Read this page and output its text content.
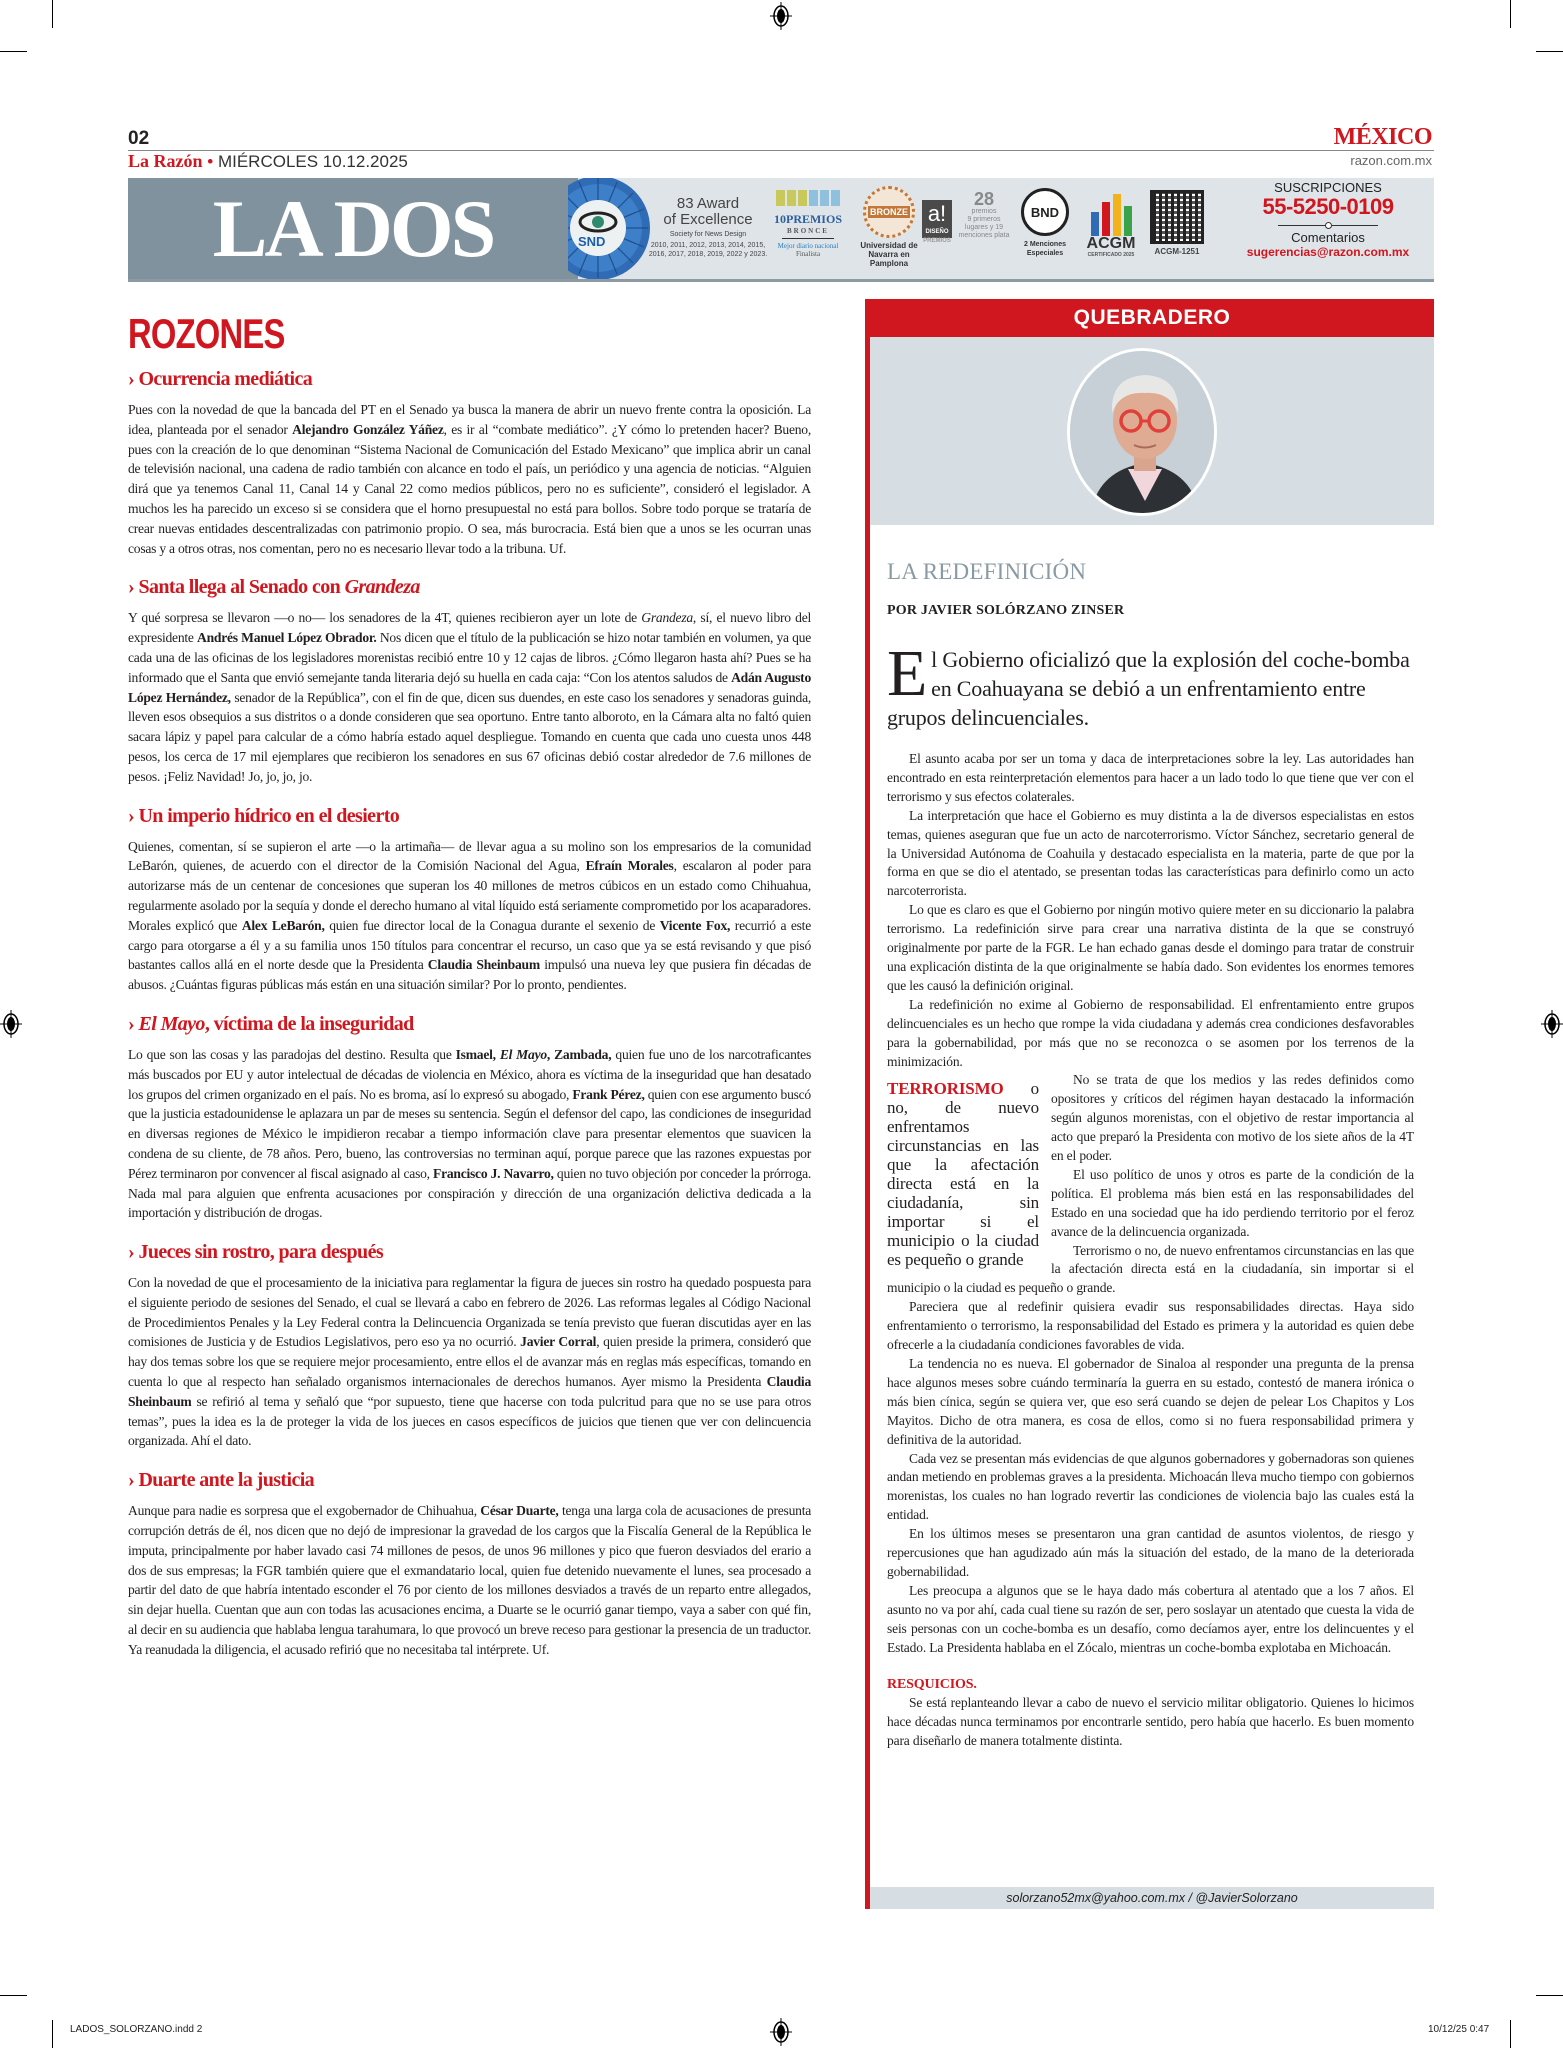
LADOS_SOLORZANO.indd 2	10/12/25 0:47
02
La Razón • MIÉRCOLES 10.12.2025
MÉXICO
razon.com.mx
LA DOS	SND
83 Award
of Excellence
Society for News Design
2010, 2011, 2012, 2013, 2014, 2015, 2016, 2017, 2018, 2019, 2022 y 2023.
10PREMIOS
BRONCE
Mejor diario nacional
Finalista
BRONZE
Universidad de Navarra en Pamplona
a!
DISEÑO
PREMIOS
28
premios
9 primeros lugares y 19 menciones plata
BND
2 Menciones Especiales
ACGM
CERTIFICADO 2025	ACGM-1251
SUSCRIPCIONES
55-5250-0109
Comentarios
sugerencias@razon.com.mx
ROZONES
› Ocurrencia mediática

Pues con la novedad de que la bancada del PT en el Senado ya busca la manera de abrir un nuevo frente contra la oposición. La idea, planteada por el senador Alejandro González Yáñez, es ir al “combate mediático”. ¿Y cómo lo pretenden hacer? Bueno, pues con la creación de lo que denominan “Sistema Nacional de Comunicación del Estado Mexicano” que implica abrir un canal de televisión nacional, una cadena de radio también con alcance en todo el país, un periódico y una agencia de noticias. “Alguien dirá que ya tenemos Canal 11, Canal 14 y Canal 22 como medios públicos, pero no es suficiente”, consideró el legislador. A muchos les ha parecido un exceso si se considera que el horno presupuestal no está para bollos. Sobre todo porque se trataría de crear nuevas entidades descentralizadas con patrimonio propio. O sea, más burocracia. Está bien que a unos se les ocurran unas cosas y a otros otras, nos comentan, pero no es necesario llevar todo a la tribuna. Uf.

› Santa llega al Senado con Grandeza

Y qué sorpresa se llevaron —o no— los senadores de la 4T, quienes recibieron ayer un lote de Grandeza, sí, el nuevo libro del expresidente Andrés Manuel López Obrador. Nos dicen que el título de la publicación se hizo notar también en volumen, ya que cada una de las oficinas de los legisladores morenistas recibió entre 10 y 12 cajas de libros. ¿Cómo llegaron hasta ahí? Pues se ha informado que el Santa que envió semejante tanda literaria dejó su huella en cada caja: “Con los atentos saludos de Adán Augusto López Hernández, senador de la República”, con el fin de que, dicen sus duendes, en este caso los senadores y senadoras guinda, lleven esos obsequios a sus distritos o a donde consideren que sea oportuno. Entre tanto alboroto, en la Cámara alta no faltó quien sacara lápiz y papel para calcular de a cómo habría estado aquel despliegue. Tomando en cuenta que cada uno cuesta unos 448 pesos, los cerca de 17 mil ejemplares que recibieron los senadores en sus 67 oficinas debió costar alrededor de 7.6 millones de pesos. ¡Feliz Navidad! Jo, jo, jo, jo.

› Un imperio hídrico en el desierto

Quienes, comentan, sí se supieron el arte —o la artimaña— de llevar agua a su molino son los empresarios de la comunidad LeBarón, quienes, de acuerdo con el director de la Comisión Nacional del Agua, Efraín Morales, escalaron al poder para autorizarse más de un centenar de concesiones que superan los 40 millones de metros cúbicos en un estado como Chihuahua, regularmente asolado por la sequía y donde el derecho humano al vital líquido está seriamente comprometido por los acaparadores. Morales explicó que Alex LeBarón, quien fue director local de la Conagua durante el sexenio de Vicente Fox, recurrió a este cargo para otorgarse a él y a su familia unos 150 títulos para concentrar el recurso, un caso que ya se está revisando y que pisó bastantes callos allá en el norte desde que la Presidenta Claudia Sheinbaum impulsó una nueva ley que pusiera fin décadas de abusos. ¿Cuántas figuras públicas más están en una situación similar? Por lo pronto, pendientes.

› El Mayo, víctima de la inseguridad

Lo que son las cosas y las paradojas del destino. Resulta que Ismael, El Mayo, Zambada, quien fue uno de los narcotraficantes más buscados por EU y autor intelectual de décadas de violencia en México, ahora es víctima de la inseguridad que han desatado los grupos del crimen organizado en el país. No es broma, así lo expresó su abogado, Frank Pérez, quien con ese argumento buscó que la justicia estadounidense le aplazara un par de meses su sentencia. Según el defensor del capo, las condiciones de inseguridad en diversas regiones de México le impidieron recabar a tiempo información clave para presentar elementos que suavicen la condena de su cliente, de 78 años. Pero, bueno, las controversias no terminan aquí, porque parece que las razones expuestas por Pérez terminaron por convencer al fiscal asignado al caso, Francisco J. Navarro, quien no tuvo objeción por conceder la prórroga. Nada mal para alguien que enfrenta acusaciones por conspiración y dirección de una organización delictiva dedicada a la importación y distribución de drogas.

› Jueces sin rostro, para después

Con la novedad de que el procesamiento de la iniciativa para reglamentar la figura de jueces sin rostro ha quedado pospuesta para el siguiente periodo de sesiones del Senado, el cual se llevará a cabo en febrero de 2026. Las reformas legales al Código Nacional de Procedimientos Penales y la Ley Federal contra la Delincuencia Organizada se tenía previsto que fueran discutidas ayer en las comisiones de Justicia y de Estudios Legislativos, pero eso ya no ocurrió. Javier Corral, quien preside la primera, consideró que hay dos temas sobre los que se requiere mejor procesamiento, entre ellos el de avanzar más en reglas más específicas, tomando en cuenta lo que al respecto han señalado organismos internacionales de derechos humanos. Ayer mismo la Presidenta Claudia Sheinbaum se refirió al tema y señaló que “por supuesto, tiene que hacerse con toda pulcritud para que no se use para otros temas”, pues la idea es la de proteger la vida de los jueces en casos específicos de juicios que tienen que ver con delincuencia organizada. Ahí el dato.

› Duarte ante la justicia

Aunque para nadie es sorpresa que el exgobernador de Chihuahua, César Duarte, tenga una larga cola de acusaciones de presunta corrupción detrás de él, nos dicen que no dejó de impresionar la gravedad de los cargos que la Fiscalía General de la República le imputa, principalmente por haber lavado casi 74 millones de pesos, de unos 96 millones y pico que fueron desviados del erario a dos de sus empresas; la FGR también quiere que el exmandatario local, quien fue detenido nuevamente el lunes, sea procesado a partir del dato de que habría intentado esconder el 76 por ciento de los millones desviados a través de un reparto entre allegados, sin dejar huella. Cuentan que aun con todas las acusaciones encima, a Duarte se le ocurrió ganar tiempo, vaya a saber con qué fin, al decir en su audiencia que hablaba lengua tarahumara, lo que provocó un breve receso para gestionar la presencia de un traductor. Ya reanudada la diligencia, el acusado refirió que no necesitaba tal intérprete. Uf.

QUEBRADERO
LA REDEFINICIÓN
POR JAVIER SOLÓRZANO ZINSER
El Gobierno oficializó que la explosión del coche-bomba en Coahuayana se debió a un enfrentamiento entre grupos delincuenciales.

El asunto acaba por ser un toma y daca de interpretaciones sobre la ley. Las autoridades han encontrado en esta reinterpretación elementos para hacer a un lado todo lo que tiene que ver con el terrorismo y sus efectos colaterales.

La interpretación que hace el Gobierno es muy distinta a la de diversos especialistas en estos temas, quienes aseguran que fue un acto de narcoterrorismo. Víctor Sánchez, secretario general de la Universidad Autónoma de Coahuila y destacado especialista en la materia, parte de que por la forma en que se dio el atentado, se presentan todas las características para definirlo como un acto narcoterrorista.

Lo que es claro es que el Gobierno por ningún motivo quiere meter en su diccionario la palabra terrorismo. La redefinición sirve para crear una narrativa distinta de la que se construyó originalmente por parte de la FGR. Le han echado ganas desde el domingo para tratar de construir una explicación distinta de la que originalmente se había dado. Son evidentes los enormes temores que les causó la definición original.

La redefinición no exime al Gobierno de responsabilidad. El enfrentamiento entre grupos delincuenciales es un hecho que rompe la vida ciudadana y además crea condiciones desfavorables para la gobernabilidad, por más que no se reconozca o se asomen por los terrenos de la minimización.

TERRORISMO o no, de nuevo enfrentamos circunstancias en las que la afectación directa está en la ciudadanía, sin importar si el municipio o la ciudad es pequeño o grande

No se trata de que los medios y las redes definidos como opositores y críticos del régimen hayan destacado la información según algunos morenistas, con el objetivo de restar importancia al acto que preparó la Presidenta con motivo de los siete años de la 4T en el poder.

El uso político de unos y otros es parte de la condición de la política. El problema más bien está en las responsabilidades del Estado en una sociedad que ha ido perdiendo territorio por el feroz avance de la delincuencia organizada.

Terrorismo o no, de nuevo enfrentamos circunstancias en las que la afectación directa está en la ciudadanía, sin importar si el municipio o la ciudad es pequeño o grande.

Pareciera que al redefinir quisiera evadir sus responsabilidades directas. Haya sido enfrentamiento o terrorismo, la responsabilidad del Estado es primera y la autoridad es quien debe ofrecerle a la ciudadanía condiciones favorables de vida.

La tendencia no es nueva. El gobernador de Sinaloa al responder una pregunta de la prensa hace algunos meses sobre cuándo terminaría la guerra en su estado, contestó de manera irónica o más bien cínica, según se quiera ver, que eso será cuando se dejen de pelear Los Chapitos y Los Mayitos. Dicho de otra manera, es cosa de ellos, como si no fuera responsabilidad primera y definitiva de la autoridad.

Cada vez se presentan más evidencias de que algunos gobernadores y gobernadoras son quienes andan metiendo en problemas graves a la presidenta. Michoacán lleva mucho tiempo con gobiernos morenistas, los cuales no han logrado revertir las condiciones de violencia bajo las cuales está la entidad.

En los últimos meses se presentaron una gran cantidad de asuntos violentos, de riesgo y repercusiones que han agudizado aún más la situación del estado, de la mano de la deteriorada gobernabilidad.

Les preocupa a algunos que se le haya dado más cobertura al atentado que a los 7 años. El asunto no va por ahí, cada cual tiene su razón de ser, pero soslayar un atentado que cuesta la vida de seis personas con un coche-bomba es un desafío, como decíamos ayer, entre los delincuentes y el Estado. La Presidenta hablaba en el Zócalo, mientras un coche-bomba explotaba en Michoacán.

RESQUICIOS.

Se está replanteando llevar a cabo de nuevo el servicio militar obligatorio. Quienes lo hicimos hace décadas nunca terminamos por encontrarle sentido, pero había que hacerlo. Es buen momento para diseñarlo de manera totalmente distinta.

solorzano52mx@yahoo.com.mx / @JavierSolorzano
